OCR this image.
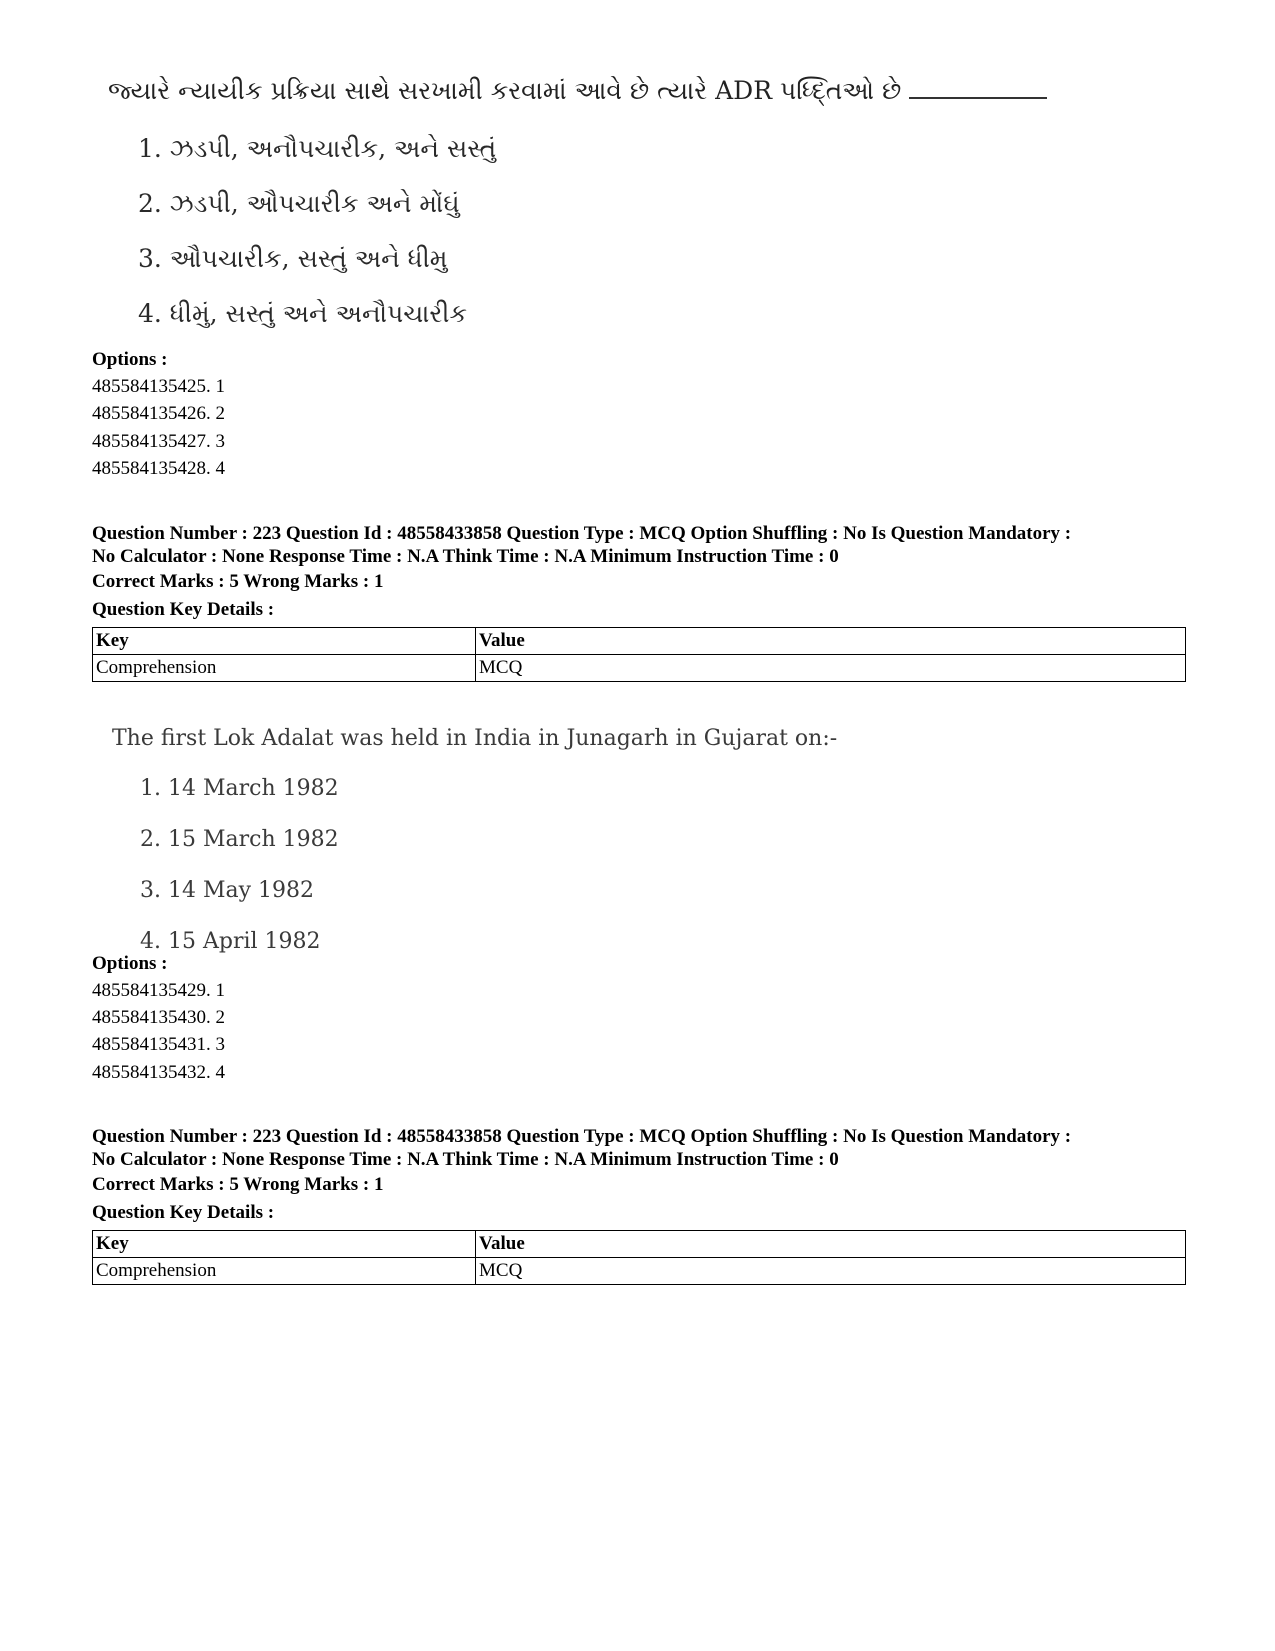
જ્યારે ન્યાયીક પ્રક્રિયા સાથે સરખામી કરવામાં આવે છે ત્યારે ADR પધ્દ્તિઓ છે
1. ઝડપી, અનૌપચારીક, અને સસ્તું
2. ઝડપી, ઔપચારીક અને મોંઘું
3. ઔપચારીક, સસ્તું અને ધીમુ
4. ધીમું, સસ્તું અને અનૌપચારીક
Options :
485584135425. 1
485584135426. 2
485584135427. 3
485584135428. 4
Question Number : 223 Question Id : 48558433858 Question Type : MCQ Option Shuffling : No Is Question Mandatory :
No Calculator : None Response Time : N.A Think Time : N.A Minimum Instruction Time : 0
Correct Marks : 5 Wrong Marks : 1
Question Key Details :
Key	Value
Comprehension	MCQ
The first Lok Adalat was held in India in Junagarh in Gujarat on:-
1. 14 March 1982
2. 15 March 1982
3. 14 May 1982
4. 15 April 1982
Options :
485584135429. 1
485584135430. 2
485584135431. 3
485584135432. 4
Question Number : 223 Question Id : 48558433858 Question Type : MCQ Option Shuffling : No Is Question Mandatory :
No Calculator : None Response Time : N.A Think Time : N.A Minimum Instruction Time : 0
Correct Marks : 5 Wrong Marks : 1
Question Key Details :
Key	Value
Comprehension	MCQ
